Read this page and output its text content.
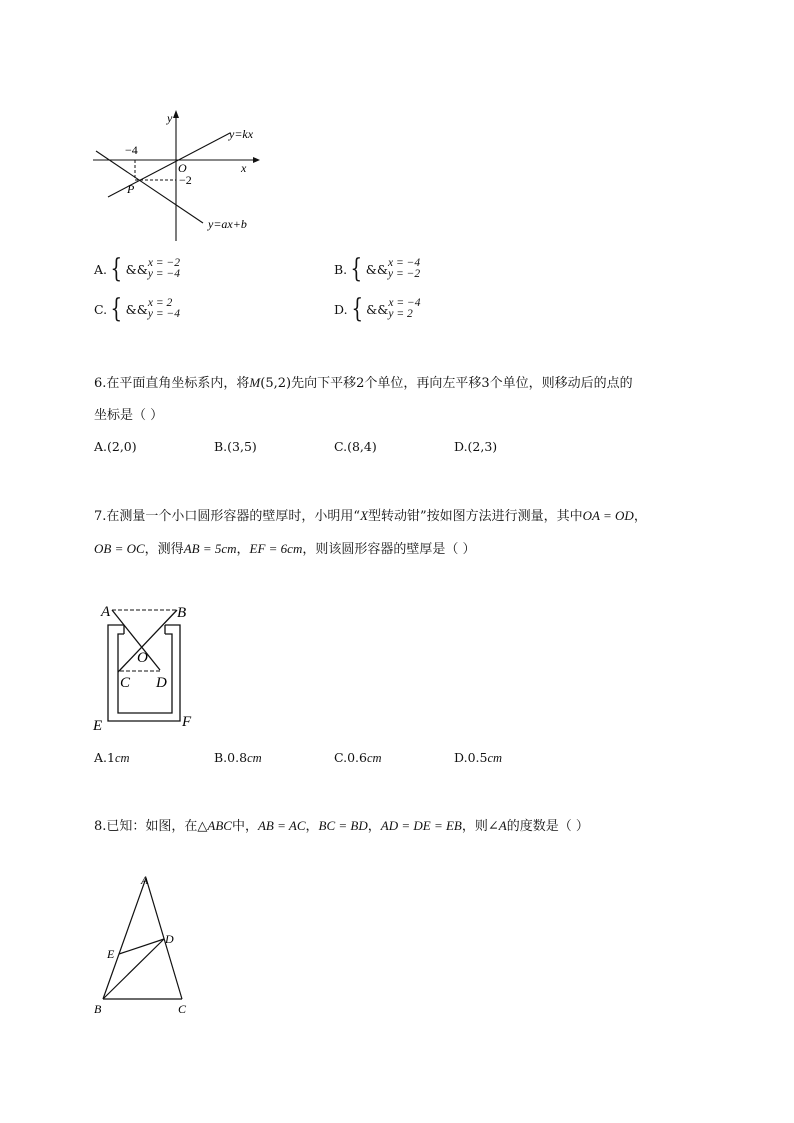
y
x
O
−4
−2
P
y=kx
y=ax+b
A. { && x = −2
y = −4	B. { && x = −4
y = −2
C. { && x = 2
y = −4	D. { && x = −4
y = 2
6.在平面直角坐标系内，将M(5,2)先向下平移2个单位，再向左平移3个单位，则移动后的点的
坐标是（ ）
A.(2,0)	B.(3,5)	C.(8,4)	D.(2,3)
7.在测量一个小口圆形容器的壁厚时，小明用“X型转动钳”按如图方法进行测量，其中OA = OD，
OB = OC，测得AB = 5cm，EF = 6cm，则该圆形容器的壁厚是（ ）
A	B
O
C D
E	F
A.1cm	B.0.8cm	C.0.6cm	D.0.5cm
8.已知：如图，在△ABC中，AB = AC，BC = BD，AD = DE = EB，则∠A的度数是（ ）
A
D
E
B	C
